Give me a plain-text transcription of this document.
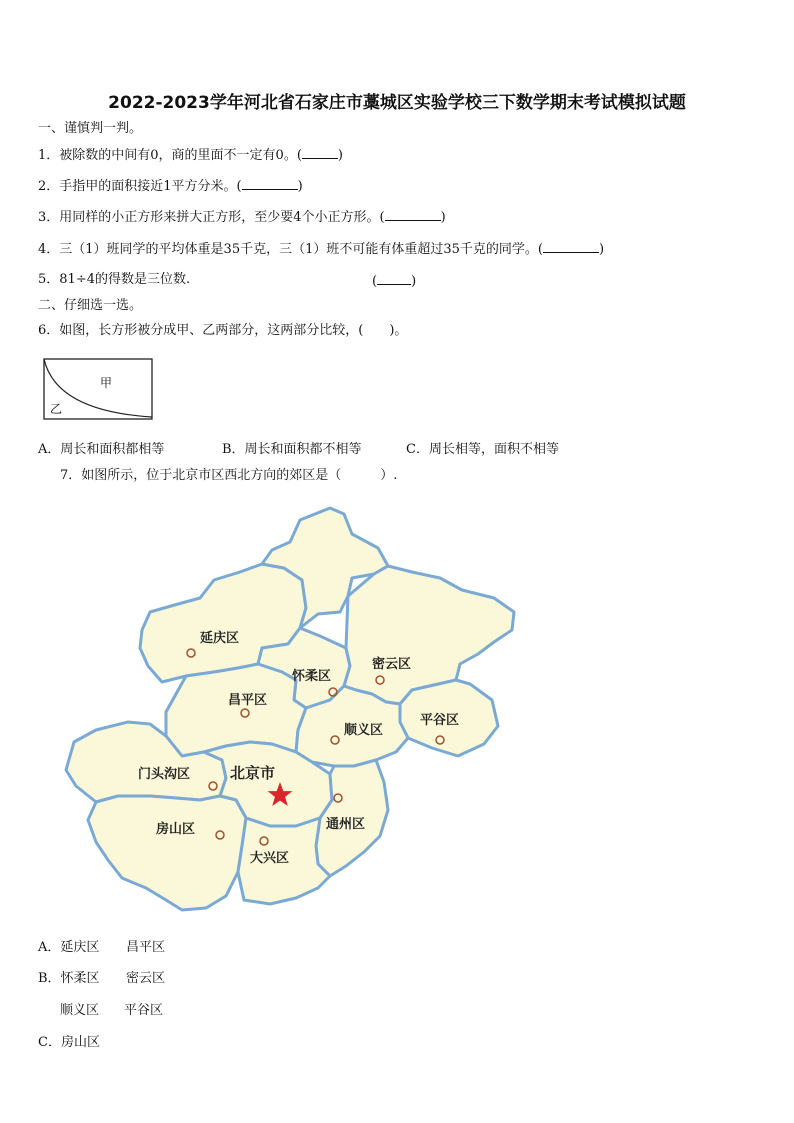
2022-2023学年河北省石家庄市藁城区实验学校三下数学期末考试模拟试题
一、谨慎判一判。
1．被除数的中间有0，商的里面不一定有0。(	)
2．手指甲的面积接近1平方分米。(	)
3．用同样的小正方形来拼大正方形，至少要4个小正方形。(	)
4．三（1）班同学的平均体重是35千克，三（1）班不可能有体重超过35千克的同学。(	)
5．81÷4的得数是三位数.	(	)
二、仔细选一选。
6．如图，长方形被分成甲、乙两部分，这两部分比较，(　　)。
甲
乙
A．周长和面积都相等	B．周长和面积都不相等	C．周长相等，面积不相等
7．如图所示，位于北京市区西北方向的郊区是（　　　）.
延庆区
怀柔区
密云区
昌平区
顺义区
平谷区
门头沟区	北京市
通州区
房山区
大兴区
A．延庆区 昌平区
B．怀柔区 密云区
顺义区 平谷区
C．房山区
